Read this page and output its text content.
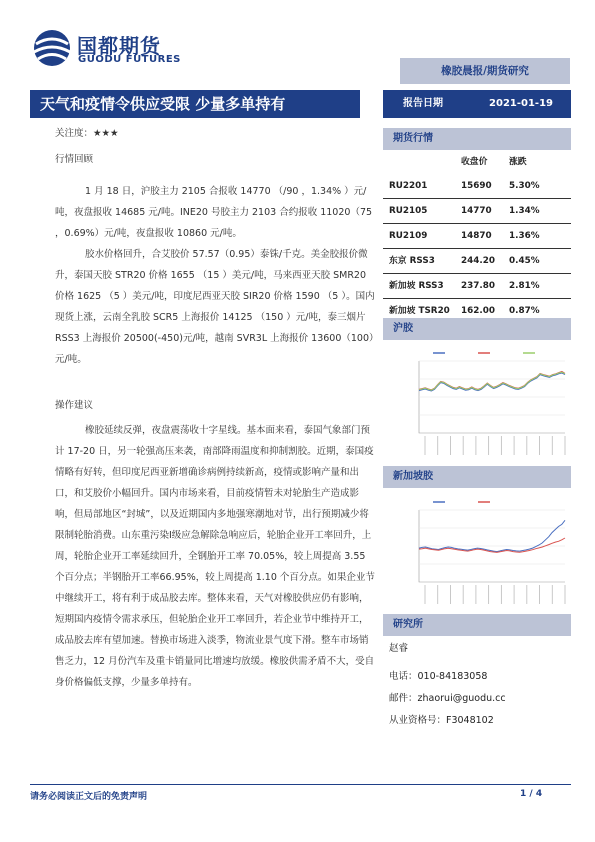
国都期货
GUODU FUTURES
橡胶晨报/期货研究
天气和疫情令供应受限 少量多单持有	报告日期	2021-01-19
关注度：★★★
行情回顾
1 月 18 日，沪胶主力 2105 合报收 14770 （/90 ，1.34% ）元/吨，夜盘报收 14685 元/吨。INE20 号胶主力 2103 合约报收 11020（75 ，0.69%）元/吨，夜盘报收 10860 元/吨。
胶水价格回升，合艾胶价 57.57（0.95）泰铢/千克。美金胶报价微升，泰国天胶 STR20 价格 1655 （15 ）美元/吨，马来西亚天胶 SMR20 价格 1625 （5 ）美元/吨，印度尼西亚天胶 SIR20 价格 1590 （5 ）。国内现货上涨，云南全乳胶 SCR5 上海报价 14125 （150 ）元/吨，泰三烟片 RSS3 上海报价 20500(-450)元/吨，越南 SVR3L 上海报价 13600（100）元/吨。
操作建议
橡胶延续反弹，夜盘震荡收十字星线。基本面来看，泰国气象部门预计 17-20 日，另一轮强高压来袭，南部降雨温度和抑制割胶。近期，泰国疫情略有好转，但印度尼西亚新增确诊病例持续新高，疫情或影响产量和出口，和艾胶价小幅回升。国内市场来看，目前疫情暂未对轮胎生产造成影响，但局部地区“封城”，以及近期国内多地强寒潮地对节，出行预期减少将限制轮胎消费。山东重污染Ⅰ级应急解除急响应后，轮胎企业开工率回升，上周，轮胎企业开工率延续回升，全钢胎开工率 70.05%，较上周提高 3.55 个百分点；半钢胎开工率66.95%，较上周提高 1.10 个百分点。如果企业节中继续开工，将有利于成品胶去库。整体来看，天气对橡胶供应仍有影响，短期国内疫情令需求承压，但轮胎企业开工率回升，若企业节中维持开工，成品胶去库有望加速。替换市场进入淡季，物流业景气度下滑。整车市场销售乏力，12 月份汽车及重卡销量同比增速均放缓。橡胶供需矛盾不大，受自身价格偏低支撑，少量多单持有。
期货行情
收盘价 涨跌
RU2201	15690 5.30%
RU2105	14770 1.34%
RU2109	14870 1.36%
东京 RSS3	244.20 0.45%
新加坡 RSS3 237.80 2.81%
新加坡 TSR20 162.00 0.87%
沪胶
新加坡胶
研究所
赵睿
电话：010-84183058
邮件：zhaorui@guodu.cc
从业资格号：F3048102
请务必阅读正文后的免责声明	1 / 4
